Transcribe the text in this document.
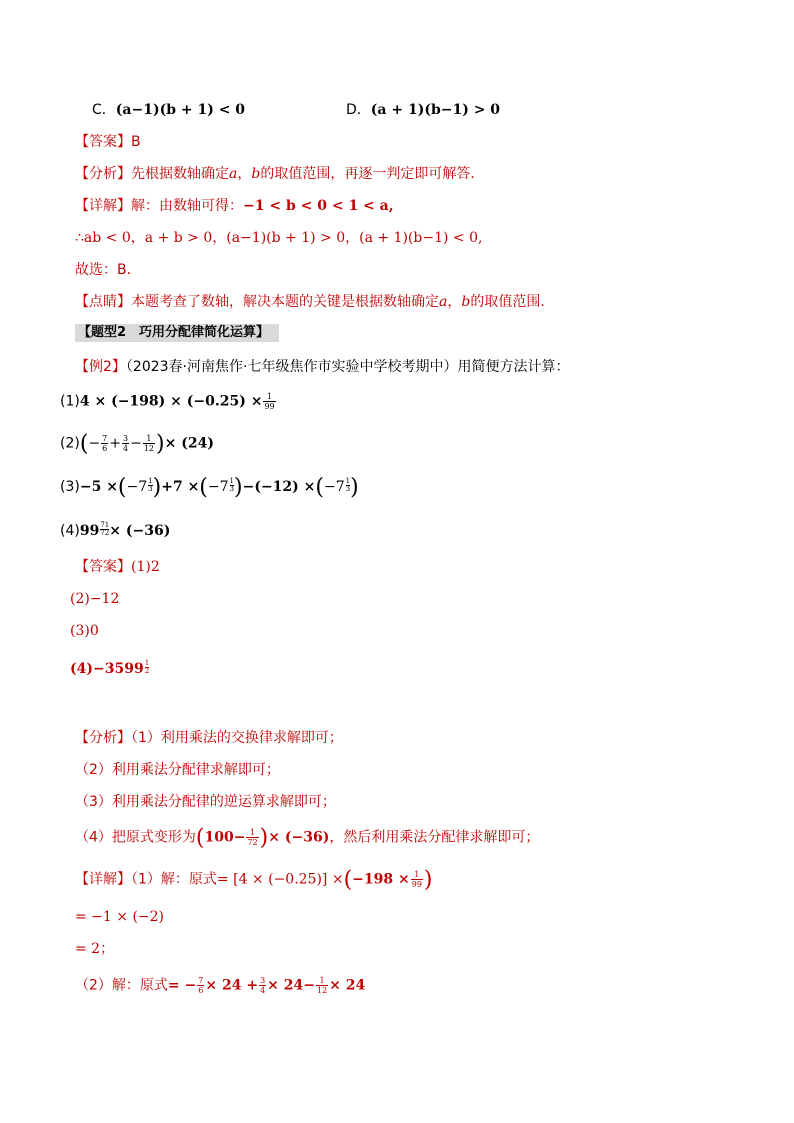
C．(a−1)(b + 1) < 0	D．(a + 1)(b−1) > 0
【答案】B
【分析】先根据数轴确定a，b的取值范围，再逐一判定即可解答．
【详解】解：由数轴可得：−1 < b < 0 < 1 < a,
∴ab < 0，a + b > 0，(a−1)(b + 1) > 0，(a + 1)(b−1) < 0,
故选：B．
【点睛】本题考查了数轴，解决本题的关键是根据数轴确定a，b的取值范围．
【题型2　巧用分配律简化运算】
【例2】（2023春·河南焦作·七年级焦作市实验中学校考期中）用简便方法计算：
$(1)4 \times (-198) \times (-0.25) \times \frac{1}{99}$
$(2)(- \frac{7}{6} + \frac{3}{4} - \frac{1}{12}$ )× (24)
$(3)-5 \times(-7 \frac{1}{3} )+7 \times(-7 \frac{1}{3} )-(-12) \times(-7 \frac{1}{3}$ )
$(4)99 \frac{71}{72} \times (-36)$
【答案】(1)2
(2)−12
(3)0
$(4)-3599 \frac{1}{2}$
【分析】（1）利用乘法的交换律求解即可；
（2）利用乘法分配律求解即可；
（3）利用乘法分配律的逆运算求解即可；
（4）把原式变形为($100- \frac{1}{72}$ )× (−36)，然后利用乘法分配律求解即可；
【详解】（1）解：原式= $[4 \times (-0.25)] \times(-198 \times \frac{1}{99}$ )
= −1 × (−2)
= 2；
（2）解：原式= − $\frac{7}{6} \times 24 + \frac{3}{4} \times 24- \frac{1}{12} \times 24$
